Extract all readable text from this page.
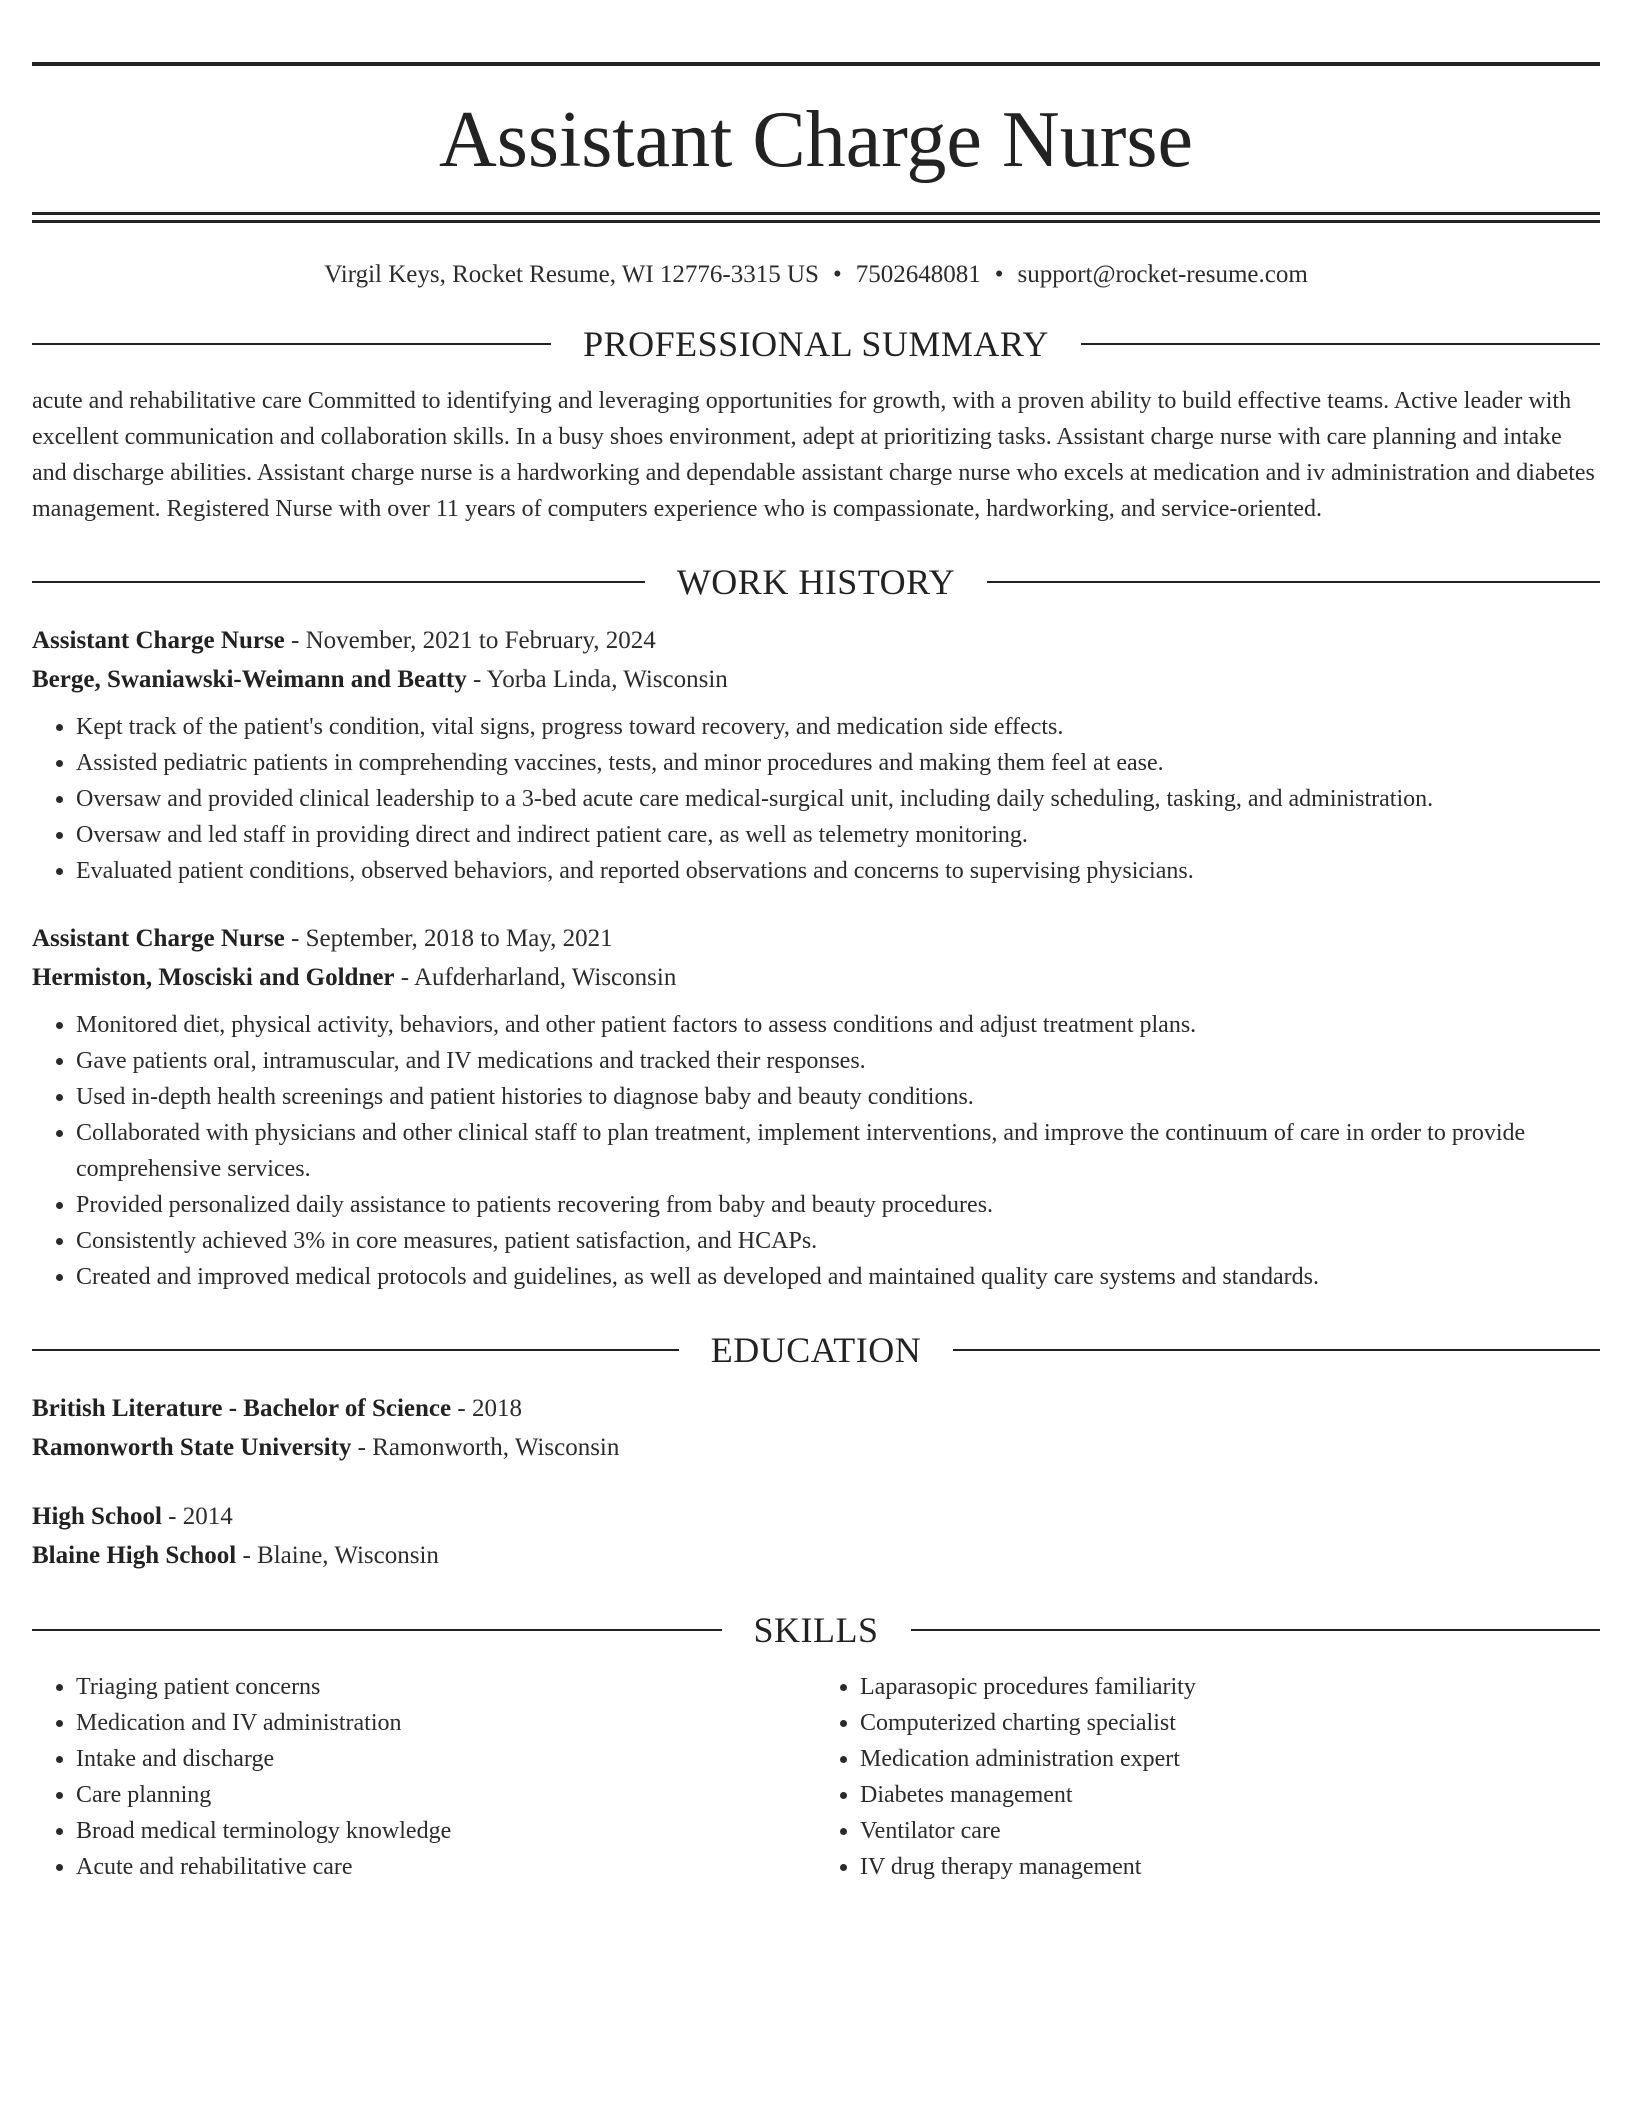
Assistant Charge Nurse
Virgil Keys, Rocket Resume, WI 12776-3315 US • 7502648081 • support@rocket-resume.com
PROFESSIONAL SUMMARY
acute and rehabilitative care Committed to identifying and leveraging opportunities for growth, with a proven ability to build effective teams. Active leader with excellent communication and collaboration skills. In a busy shoes environment, adept at prioritizing tasks. Assistant charge nurse with care planning and intake and discharge abilities. Assistant charge nurse is a hardworking and dependable assistant charge nurse who excels at medication and iv administration and diabetes management. Registered Nurse with over 11 years of computers experience who is compassionate, hardworking, and service-oriented.
WORK HISTORY
Assistant Charge Nurse - November, 2021 to February, 2024
Berge, Swaniawski-Weimann and Beatty - Yorba Linda, Wisconsin
• Kept track of the patient's condition, vital signs, progress toward recovery, and medication side effects.
• Assisted pediatric patients in comprehending vaccines, tests, and minor procedures and making them feel at ease.
• Oversaw and provided clinical leadership to a 3-bed acute care medical-surgical unit, including daily scheduling, tasking, and administration.
• Oversaw and led staff in providing direct and indirect patient care, as well as telemetry monitoring.
• Evaluated patient conditions, observed behaviors, and reported observations and concerns to supervising physicians.
Assistant Charge Nurse - September, 2018 to May, 2021
Hermiston, Mosciski and Goldner - Aufderharland, Wisconsin
• Monitored diet, physical activity, behaviors, and other patient factors to assess conditions and adjust treatment plans.
• Gave patients oral, intramuscular, and IV medications and tracked their responses.
• Used in-depth health screenings and patient histories to diagnose baby and beauty conditions.
• Collaborated with physicians and other clinical staff to plan treatment, implement interventions, and improve the continuum of care in order to provide comprehensive services.
• Provided personalized daily assistance to patients recovering from baby and beauty procedures.
• Consistently achieved 3% in core measures, patient satisfaction, and HCAPs.
• Created and improved medical protocols and guidelines, as well as developed and maintained quality care systems and standards.
EDUCATION
British Literature - Bachelor of Science - 2018
Ramonworth State University - Ramonworth, Wisconsin
High School - 2014
Blaine High School - Blaine, Wisconsin
SKILLS
• Triaging patient concerns
• Medication and IV administration
• Intake and discharge
• Care planning
• Broad medical terminology knowledge
• Acute and rehabilitative care
• Laparasopic procedures familiarity
• Computerized charting specialist
• Medication administration expert
• Diabetes management
• Ventilator care
• IV drug therapy management
